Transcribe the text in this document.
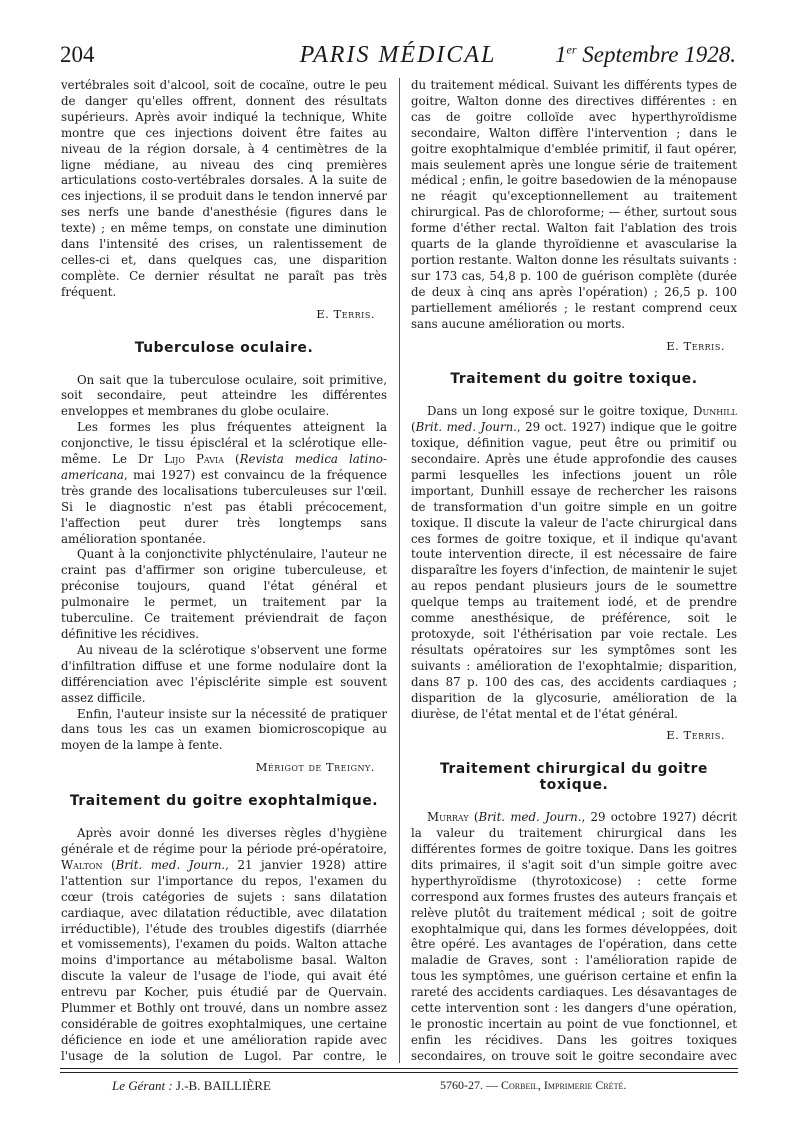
204	PARIS MÉDICAL	1er Septembre 1928.

vertébrales soit d'alcool, soit de cocaïne, outre le peu de danger qu'elles offrent, donnent des résultats supérieurs. Après avoir indiqué la technique, White montre que ces injections doivent être faites au niveau de la région dorsale, à 4 centimètres de la ligne médiane, au niveau des cinq premières articulations costo-vertébrales dorsales. A la suite de ces injections, il se produit dans le tendon innervé par ses nerfs une bande d'anesthésie (figures dans le texte) ; en même temps, on constate une diminution dans l'intensité des crises, un ralentissement de celles-ci et, dans quelques cas, une disparition complète. Ce dernier résultat ne paraît pas très fréquent.

E. Terris.
Tuberculose oculaire.

On sait que la tuberculose oculaire, soit primitive, soit secondaire, peut atteindre les différentes enveloppes et membranes du globe oculaire.

Les formes les plus fréquentes atteignent la conjonctive, le tissu épiscléral et la sclérotique elle-même. Le Dr Lijo Pavia (Revista medica latino-americana, mai 1927) est convaincu de la fréquence très grande des localisations tuberculeuses sur l'œil. Si le diagnostic n'est pas établi précocement, l'affection peut durer très longtemps sans amélioration spontanée.

Quant à la conjonctivite phlycténulaire, l'auteur ne craint pas d'affirmer son origine tuberculeuse, et préconise toujours, quand l'état général et pulmonaire le permet, un traitement par la tuberculine. Ce traitement préviendrait de façon définitive les récidives.

Au niveau de la sclérotique s'observent une forme d'infiltration diffuse et une forme nodulaire dont la différenciation avec l'épisclérite simple est souvent assez difficile.

Enfin, l'auteur insiste sur la nécessité de pratiquer dans tous les cas un examen biomicroscopique au moyen de la lampe à fente.

Mérigot de Treigny.
Traitement du goitre exophtalmique.

Après avoir donné les diverses règles d'hygiène générale et de régime pour la période pré-opératoire, Walton (Brit. med. Journ., 21 janvier 1928) attire l'attention sur l'importance du repos, l'examen du cœur (trois catégories de sujets : sans dilatation cardiaque, avec dilatation réductible, avec dilatation irréductible), l'étude des troubles digestifs (diarrhée et vomissements), l'examen du poids. Walton attache moins d'importance au métabolisme basal. Walton discute la valeur de l'usage de l'iode, qui avait été entrevu par Kocher, puis étudié par de Quervain. Plummer et Bothly ont trouvé, dans un nombre assez considérable de goitres exophtalmiques, une certaine déficience en iode et une amélioration rapide avec l'usage de la solution de Lugol. Par contre, le

du traitement médical. Suivant les différents types de goitre, Walton donne des directives différentes : en cas de goitre colloïde avec hyperthyroïdisme secondaire, Walton diffère l'intervention ; dans le goitre exophtalmique d'emblée primitif, il faut opérer, mais seulement après une longue série de traitement médical ; enfin, le goitre basedowien de la ménopause ne réagit qu'exceptionnellement au traitement chirurgical. Pas de chloroforme; — éther, surtout sous forme d'éther rectal. Walton fait l'ablation des trois quarts de la glande thyroïdienne et avascularise la portion restante. Walton donne les résultats suivants : sur 173 cas, 54,8 p. 100 de guérison complète (durée de deux à cinq ans après l'opération) ; 26,5 p. 100 partiellement améliorés ; le restant comprend ceux sans aucune amélioration ou morts.

E. Terris.
Traitement du goitre toxique.

Dans un long exposé sur le goitre toxique, Dunhill (Brit. med. Journ., 29 oct. 1927) indique que le goitre toxique, définition vague, peut être ou primitif ou secondaire. Après une étude approfondie des causes parmi lesquelles les infections jouent un rôle important, Dunhill essaye de rechercher les raisons de transformation d'un goitre simple en un goitre toxique. Il discute la valeur de l'acte chirurgical dans ces formes de goitre toxique, et il indique qu'avant toute intervention directe, il est nécessaire de faire disparaître les foyers d'infection, de maintenir le sujet au repos pendant plusieurs jours de le soumettre quelque temps au traitement iodé, et de prendre comme anesthésique, de préférence, soit le protoxyde, soit l'éthérisation par voie rectale. Les résultats opératoires sur les symptômes sont les suivants : amélioration de l'exophtalmie; disparition, dans 87 p. 100 des cas, des accidents cardiaques ; disparition de la glycosurie, amélioration de la diurèse, de l'état mental et de l'état général.

E. Terris.
Traitement chirurgical du goitre toxique.

Murray (Brit. med. Journ., 29 octobre 1927) décrit la valeur du traitement chirurgical dans les différentes formes de goitre toxique. Dans les goitres dits primaires, il s'agit soit d'un simple goitre avec hyperthyroïdisme (thyrotoxicose) : cette forme correspond aux formes frustes des auteurs français et relève plutôt du traitement médical ; soit de goitre exophtalmique qui, dans les formes développées, doit être opéré. Les avantages de l'opération, dans cette maladie de Graves, sont : l'amélioration rapide de tous les symptômes, une guérison certaine et enfin la rareté des accidents cardiaques. Les désavantages de cette intervention sont : les dangers d'une opération, le pronostic incertain au point de vue fonctionnel, et enfin les récidives. Dans les goitres toxiques secondaires, on trouve soit le goitre secondaire avec

Le Gérant : J.-B. BAILLIÈRE	5760-27. — Corbeil, Imprimerie Crété.
